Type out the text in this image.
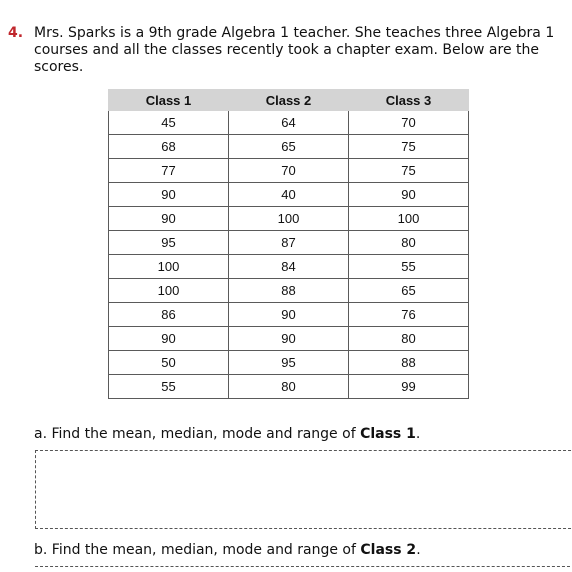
4. Mrs. Sparks is a 9th grade Algebra 1 teacher. She teaches three Algebra 1 courses and all the classes recently took a chapter exam. Below are the scores.
Class 1	Class 2	Class 3
45	64	70
68	65	75
77	70	75
90	40	90
90	100	100
95	87	80
100	84	55
100	88	65
86	90	76
90	90	80
50	95	88
55	80	99
a. Find the mean, median, mode and range of Class 1.
b. Find the mean, median, mode and range of Class 2.
